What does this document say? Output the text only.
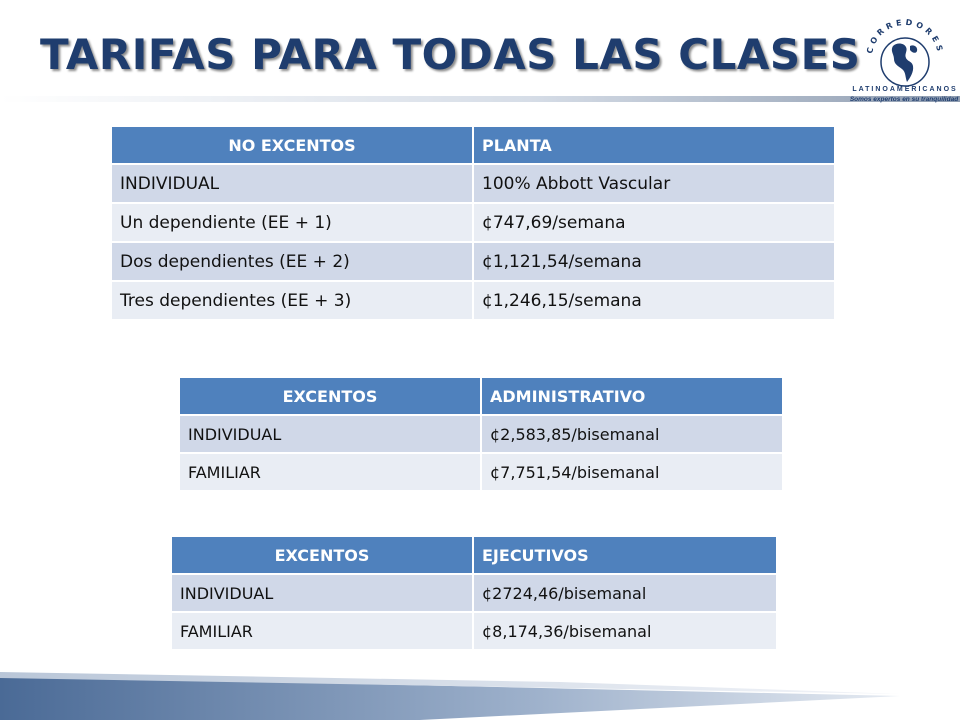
TARIFAS PARA TODAS LAS CLASES CORREDORES
LATINOAMERICANOS
Somos expertos en su tranquilidad
NO EXCENTOS	PLANTA
INDIVIDUAL	100% Abbott Vascular
Un dependiente (EE + 1)	¢747,69/semana
Dos dependientes (EE + 2)	¢1,121,54/semana
Tres dependientes (EE + 3)	¢1,246,15/semana
EXCENTOS	ADMINISTRATIVO
INDIVIDUAL	¢2,583,85/bisemanal
FAMILIAR	¢7,751,54/bisemanal
EXCENTOS	EJECUTIVOS
INDIVIDUAL	¢2724,46/bisemanal
FAMILIAR	¢8,174,36/bisemanal
